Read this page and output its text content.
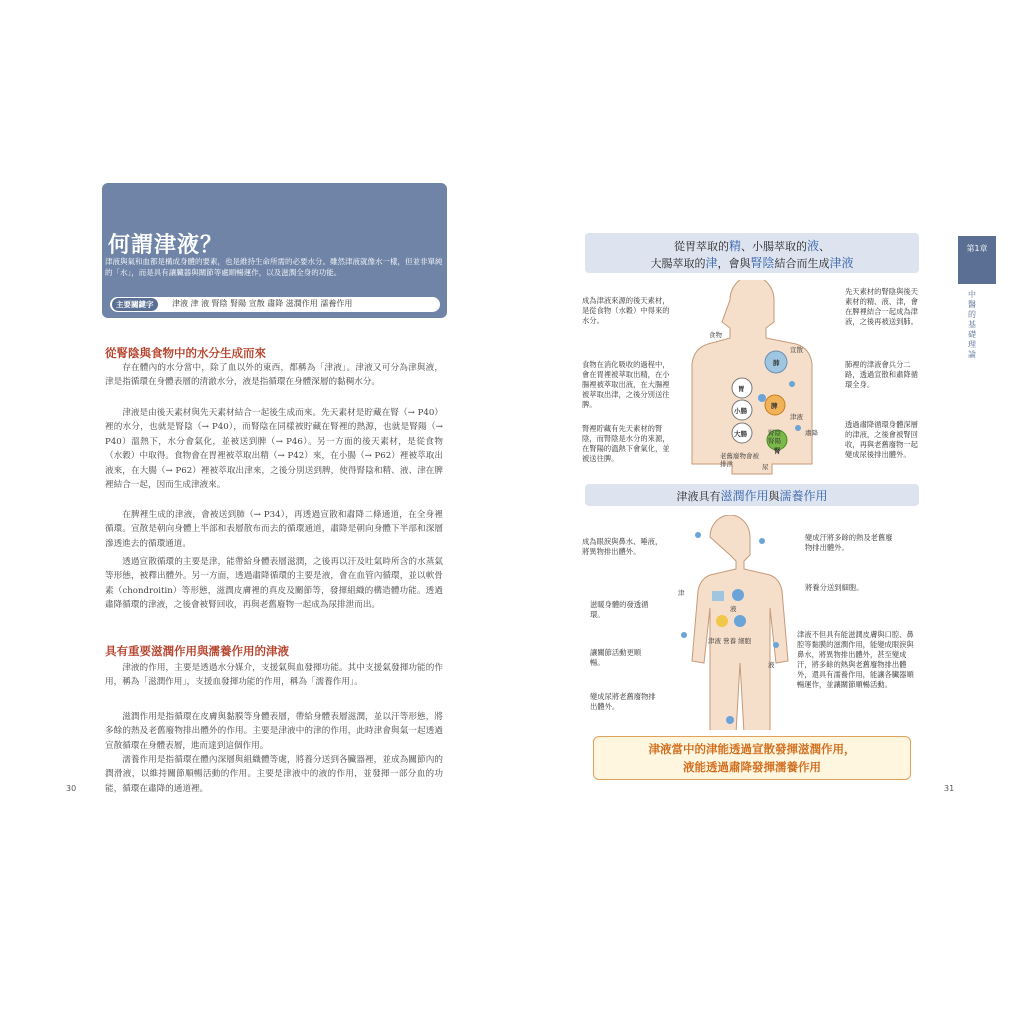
何謂津液？
津液與氣和血都是構成身體的要素，也是維持生命所需的必要水分。雖然津液就像水一樣，但並非單純的「水」，而是具有讓臟器與關節等處順暢運作，以及滋潤全身的功能。
主要關鍵字	津液 津 液 腎陰 腎陽 宣散 肅降 滋潤作用 濡養作用
從腎陰與食物中的水分生成而來
存在體內的水分當中，除了血以外的東西，都稱為「津液」。津液又可分為津與液，津是指循環在身體表層的清澈水分，液是指循環在身體深層的黏稠水分。
津液是由後天素材與先天素材結合一起後生成而來。先天素材是貯藏在腎（→ P40）裡的水分，也就是腎陰（→ P40），而腎陰在同樣被貯藏在腎裡的熱源，也就是腎陽（→ P40）溫熱下，水分會氣化，並被送到脾（→ P46）。另一方面的後天素材，是從食物（水穀）中取得。食物會在胃裡被萃取出精（→ P42）來，在小腸（→ P62）裡被萃取出液來，在大腸（→ P62）裡被萃取出津來，之後分別送到脾，使得腎陰和精、液、津在脾裡結合一起，因而生成津液來。
在脾裡生成的津液，會被送到肺（→ P34），再透過宣散和肅降二條通道，在全身裡循環。宣散是朝向身體上半部和表層散布而去的循環通道，肅降是朝向身體下半部和深層滲透進去的循環通道。
透過宣散循環的主要是津，能帶給身體表層滋潤，之後再以汗及吐氣時所含的水蒸氣等形態，被釋出體外。另一方面，透過肅降循環的主要是液，會在血管內循環，並以軟骨素（chondroitin）等形態，滋潤皮膚裡的真皮及關節等，發揮組織的構造體功能。透過肅降循環的津液，之後會被腎回收，再與老舊廢物一起成為尿排泄而出。
具有重要滋潤作用與濡養作用的津液
津液的作用，主要是透過水分媒介，支援氣與血發揮功能。其中支援氣發揮功能的作用，稱為「滋潤作用」，支援血發揮功能的作用，稱為「濡養作用」。
滋潤作用是指循環在皮膚與黏膜等身體表層，帶給身體表層滋潤，並以汗等形態，將多餘的熱及老舊廢物排出體外的作用。主要是津液中的津的作用，此時津會與氣一起透過宣散循環在身體表層，進而達到這個作用。
濡養作用是指循環在體內深層與組織體等處，將養分送到各臟器裡，並成為關節內的潤滑液，以維持關節順暢活動的作用。主要是津液中的液的作用，並發揮一部分血的功能，循環在肅降的通道裡。
30
第1章
中醫的基礎理論
從胃萃取的精、小腸萃取的液、
大腸萃取的津，會與腎陰結合而生成津液
食物
肺
宣散
胃
脾
小腸
大腸
津液
肅降
腎陰
腎陽
腎
老舊廢物會被排泄	尿
成為津液來源的後天素材，是從食物（水穀）中得來的水分。
食物在消化吸收的過程中，會在胃裡被萃取出精，在小腸裡被萃取出液，在大腸裡被萃取出津，之後分別送往脾。
腎裡貯藏有先天素材的腎陰，而腎陰是水分的來源，在腎陽的溫熱下會氣化，並被送往脾。
先天素材的腎陰與後天素材的精、液、津，會在脾裡結合一起成為津液，之後再被送到肺。
肺裡的津液會兵分二路，透過宣散和肅降循環全身。
透過肅降循環身體深層的津液，之後會被腎回收，再與老舊廢物一起變成尿後排出體外。
津液具有滋潤作用與濡養作用
津
液
液
津液 營養 細胞
成為眼淚與鼻水、唾液，將異物排出體外。
滋暖身體的發透循環。
讓關節活動更順暢。
變成尿將老舊廢物排出體外。
變成汗將多餘的熱及老舊廢物排出體外。
將養分送到細胞。
津液不但具有能滋潤皮膚與口腔、鼻腔等黏膜的滋潤作用，能變成眼淚與鼻水，將異物排出體外，甚至變成汗，將多餘的熱與老舊廢物排出體外，還具有濡養作用，能讓各臟器順暢運作，並讓關節順暢活動。
津液當中的津能透過宣散發揮滋潤作用，
液能透過肅降發揮濡養作用
31
